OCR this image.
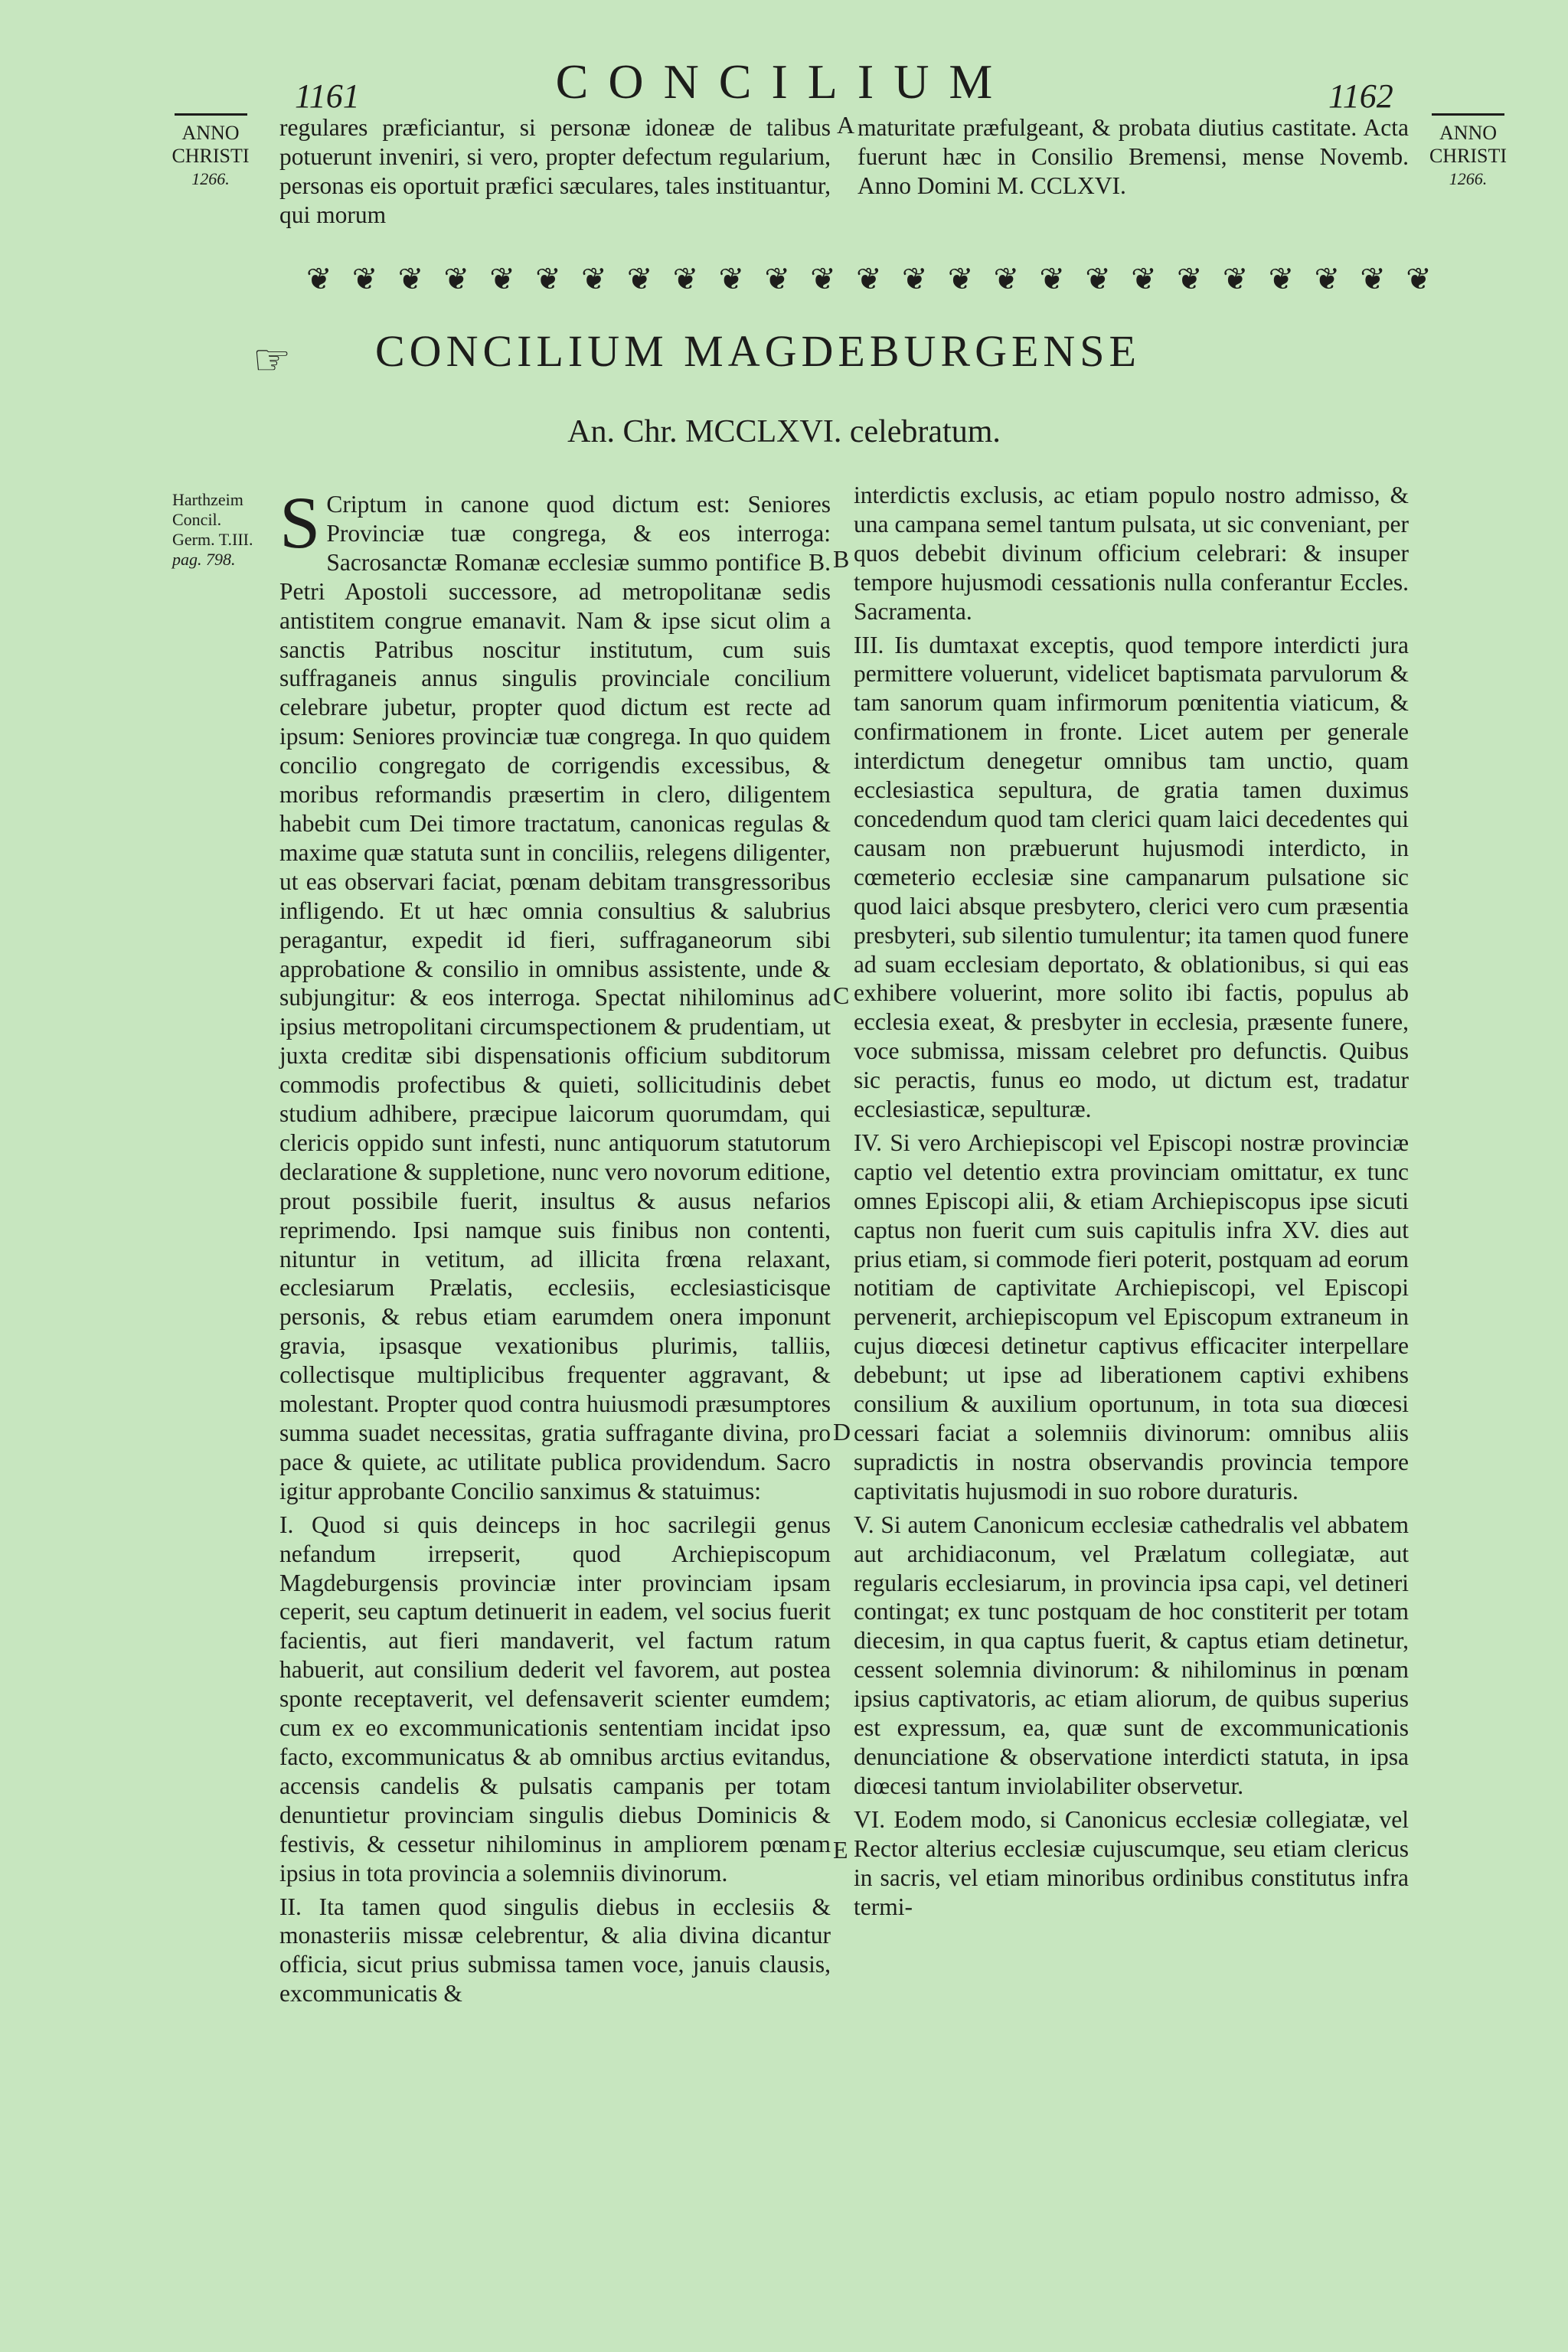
1161	CONCILIUM	1162
ANNO
CHRISTI
1266.
ANNO
CHRISTI
1266.

regulares præficiantur, si personæ idoneæ de talibus potuerunt inveniri, si vero, propter defectum regularium, personas eis oportuit præfici sæculares, tales instituantur, qui morum

maturitate præfulgeant, & probata diutius castitate. Acta fuerunt hæc in Consilio Bremensi, mense Novemb. Anno Domini M. CCLXVI.

A
❦ ❦ ❦ ❦ ❦ ❦ ❦ ❦ ❦ ❦ ❦ ❦ ❦ ❦ ❦ ❦ ❦ ❦ ❦ ❦ ❦ ❦ ❦ ❦ ❦
☞ CONCILIUM MAGDEBURGENSE
An. Chr. MCCLXVI. celebratum.
Harthzeim
Concil.
Germ. T.III.
pag. 798. S Criptum in canone quod dictum est: Seniores Provinciæ tuæ congrega, & eos interroga: Sacrosanctæ Romanæ ecclesiæ summo pontifice B. Petri Apostoli successore, ad metropolitanæ sedis antistitem congrue emanavit. Nam & ipse sicut olim a sanctis Patribus noscitur institutum, cum suis suffraganeis annus singulis provinciale concilium celebrare jubetur, propter quod dictum est recte ad ipsum: Seniores provinciæ tuæ congrega. In quo quidem concilio congregato de corrigendis excessibus, & moribus reformandis præsertim in clero, diligentem habebit cum Dei timore tractatum, canonicas regulas & maxime quæ statuta sunt in conciliis, relegens diligenter, ut eas observari faciat, pœnam debitam transgressoribus infligendo. Et ut hæc omnia consultius & salubrius peragantur, expedit id fieri, suffraganeorum sibi approbatione & consilio in omnibus assistente, unde & subjungitur: & eos interroga. Spectat nihilominus ad ipsius metropolitani circumspectionem & prudentiam, ut juxta creditæ sibi dispensationis officium subditorum commodis profectibus & quieti, sollicitudinis debet studium adhibere, præcipue laicorum quorumdam, qui clericis oppido sunt infesti, nunc antiquorum statutorum declaratione & suppletione, nunc vero novorum editione, prout possibile fuerit, insultus & ausus nefarios reprimendo. Ipsi namque suis finibus non contenti, nituntur in vetitum, ad illicita frœna relaxant, ecclesiarum Prælatis, ecclesiis, ecclesiasticisque personis, & rebus etiam earumdem onera imponunt gravia, ipsasque vexationibus plurimis, talliis, collectisque multiplicibus frequenter aggravant, & molestant. Propter quod contra huiusmodi præsumptores summa suadet necessitas, gratia suffragante divina, pro pace & quiete, ac utilitate publica providendum. Sacro igitur approbante Concilio sanximus & statuimus:

I. Quod si quis deinceps in hoc sacrilegii genus nefandum irrepserit, quod Archiepiscopum Magdeburgensis provinciæ inter provinciam ipsam ceperit, seu captum detinuerit in eadem, vel socius fuerit facientis, aut fieri mandaverit, vel factum ratum habuerit, aut consilium dederit vel favorem, aut postea sponte receptaverit, vel defensaverit scienter eumdem; cum ex eo excommunicationis sententiam incidat ipso facto, excommunicatus & ab omnibus arctius evitandus, accensis candelis & pulsatis campanis per totam denuntietur provinciam singulis diebus Dominicis & festivis, & cessetur nihilominus in ampliorem pœnam ipsius in tota provincia a solemniis divinorum.

II. Ita tamen quod singulis diebus in ecclesiis & monasteriis missæ celebrentur, & alia divina dicantur officia, sicut prius submissa tamen voce, januis clausis, excommunicatis &

B
C
D
E

interdictis exclusis, ac etiam populo nostro admisso, & una campana semel tantum pulsata, ut sic conveniant, per quos debebit divinum officium celebrari: & insuper tempore hujusmodi cessationis nulla conferantur Eccles. Sacramenta.

III. Iis dumtaxat exceptis, quod tempore interdicti jura permittere voluerunt, videlicet baptismata parvulorum & tam sanorum quam infirmorum pœnitentia viaticum, & confirmationem in fronte. Licet autem per generale interdictum denegetur omnibus tam unctio, quam ecclesiastica sepultura, de gratia tamen duximus concedendum quod tam clerici quam laici decedentes qui causam non præbuerunt hujusmodi interdicto, in cœmeterio ecclesiæ sine campanarum pulsatione sic quod laici absque presbytero, clerici vero cum præsentia presbyteri, sub silentio tumulentur; ita tamen quod funere ad suam ecclesiam deportato, & oblationibus, si qui eas exhibere voluerint, more solito ibi factis, populus ab ecclesia exeat, & presbyter in ecclesia, præsente funere, voce submissa, missam celebret pro defunctis. Quibus sic peractis, funus eo modo, ut dictum est, tradatur ecclesiasticæ, sepulturæ.

IV. Si vero Archiepiscopi vel Episcopi nostræ provinciæ captio vel detentio extra provinciam omittatur, ex tunc omnes Episcopi alii, & etiam Archiepiscopus ipse sicuti captus non fuerit cum suis capitulis infra XV. dies aut prius etiam, si commode fieri poterit, postquam ad eorum notitiam de captivitate Archiepiscopi, vel Episcopi pervenerit, archiepiscopum vel Episcopum extraneum in cujus diœcesi detinetur captivus efficaciter interpellare debebunt; ut ipse ad liberationem captivi exhibens consilium & auxilium oportunum, in tota sua diœcesi cessari faciat a solemniis divinorum: omnibus aliis supradictis in nostra observandis provincia tempore captivitatis hujusmodi in suo robore duraturis.

V. Si autem Canonicum ecclesiæ cathedralis vel abbatem aut archidiaconum, vel Prælatum collegiatæ, aut regularis ecclesiarum, in provincia ipsa capi, vel detineri contingat; ex tunc postquam de hoc constiterit per totam diecesim, in qua captus fuerit, & captus etiam detinetur, cessent solemnia divinorum: & nihilominus in pœnam ipsius captivatoris, ac etiam aliorum, de quibus superius est expressum, ea, quæ sunt de excommunicationis denunciatione & observatione interdicti statuta, in ipsa diœcesi tantum inviolabiliter observetur.

VI. Eodem modo, si Canonicus ecclesiæ collegiatæ, vel Rector alterius ecclesiæ cujuscumque, seu etiam clericus in sacris, vel etiam minoribus ordinibus constitutus infra termi-
